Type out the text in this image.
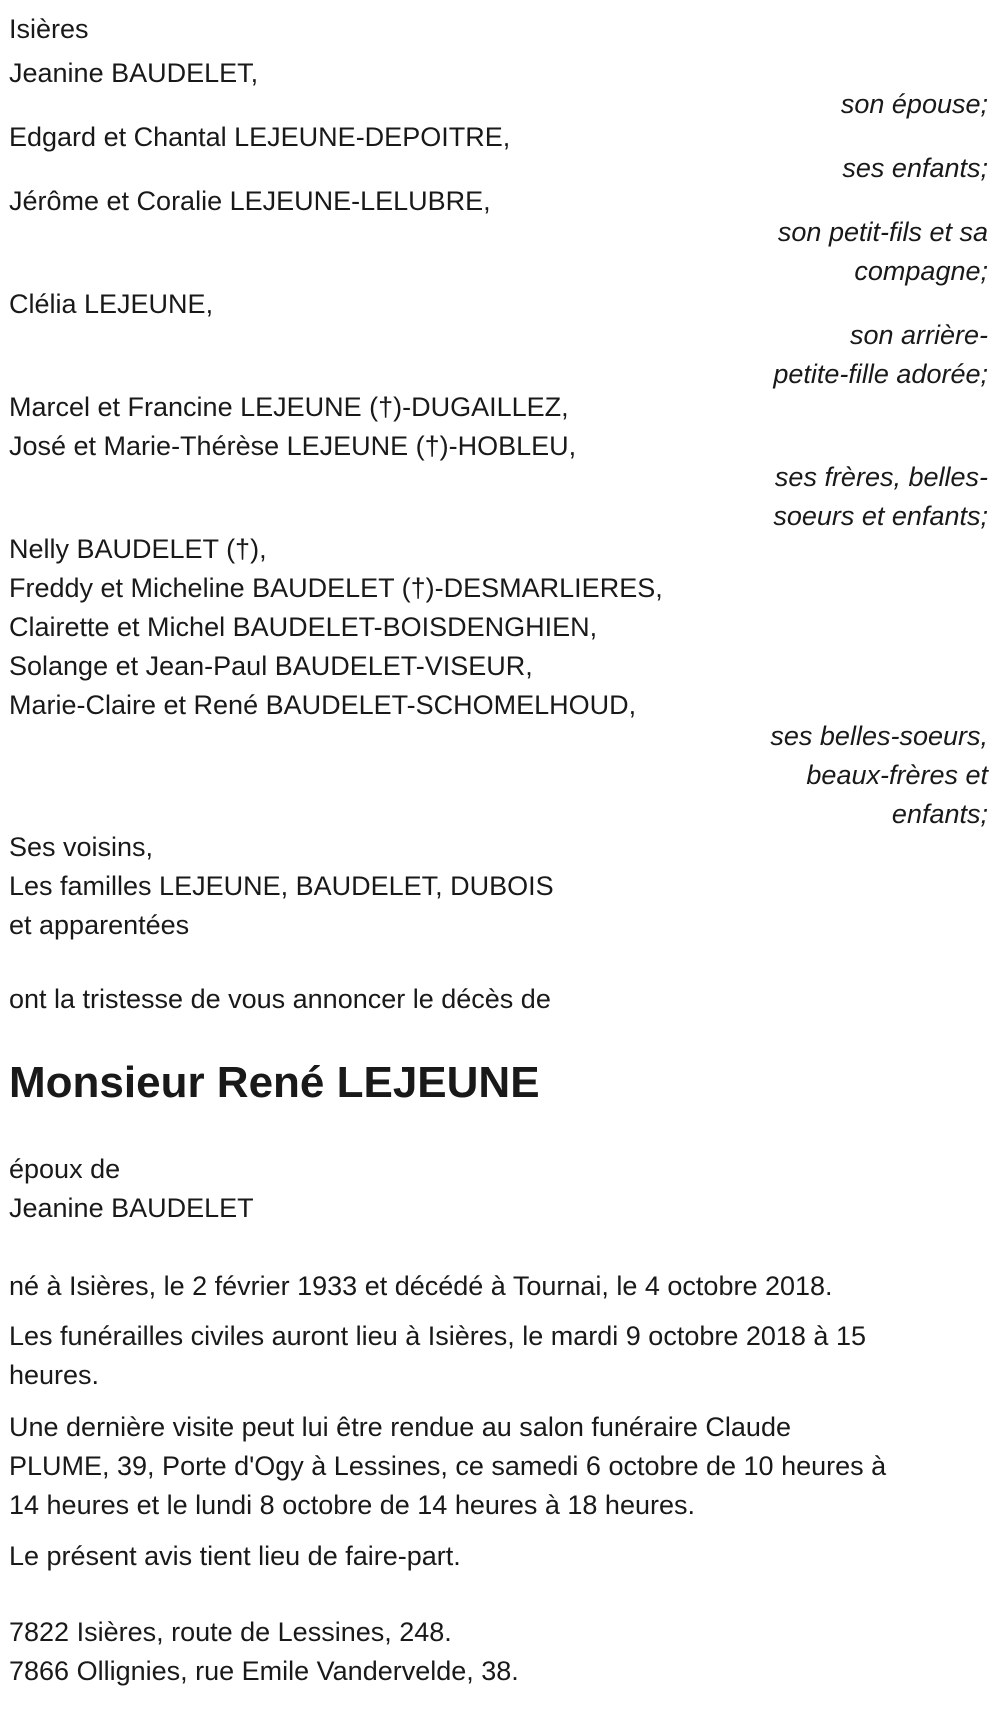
Isières
Jeanine BAUDELET,
son épouse;
Edgard et Chantal LEJEUNE-DEPOITRE,
ses enfants;
Jérôme et Coralie LEJEUNE-LELUBRE,
son petit-fils et sa
compagne;
Clélia LEJEUNE,
son arrière-
petite-fille adorée;
Marcel et Francine LEJEUNE (†)-DUGAILLEZ,
José et Marie-Thérèse LEJEUNE (†)-HOBLEU,
ses frères, belles-
soeurs et enfants;
Nelly BAUDELET (†),
Freddy et Micheline BAUDELET (†)-DESMARLIERES,
Clairette et Michel BAUDELET-BOISDENGHIEN,
Solange et Jean-Paul BAUDELET-VISEUR,
Marie-Claire et René BAUDELET-SCHOMELHOUD,
ses belles-soeurs,
beaux-frères et
enfants;
Ses voisins,
Les familles LEJEUNE, BAUDELET, DUBOIS
et apparentées
ont la tristesse de vous annoncer le décès de
Monsieur René LEJEUNE
époux de
Jeanine BAUDELET
né à Isières, le 2 février 1933 et décédé à Tournai, le 4 octobre 2018.
Les funérailles civiles auront lieu à Isières, le mardi 9 octobre 2018 à 15
heures.
Une dernière visite peut lui être rendue au salon funéraire Claude
PLUME, 39, Porte d'Ogy à Lessines, ce samedi 6 octobre de 10 heures à
14 heures et le lundi 8 octobre de 14 heures à 18 heures.
Le présent avis tient lieu de faire-part.
7822 Isières, route de Lessines, 248.
7866 Ollignies, rue Emile Vandervelde, 38.
